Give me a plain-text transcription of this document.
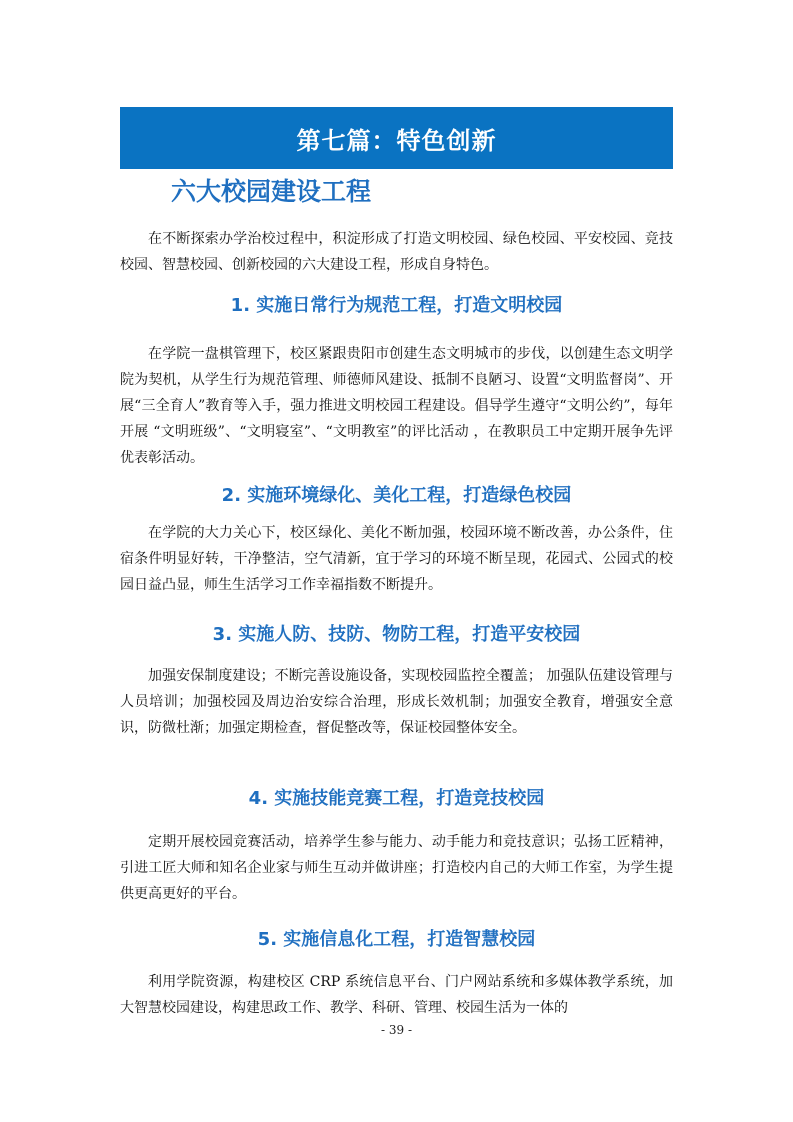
第七篇：特色创新
六大校园建设工程

在不断探索办学治校过程中，积淀形成了打造文明校园、绿色校园、平安校园、竞技校园、智慧校园、创新校园的六大建设工程，形成自身特色。

1. 实施日常行为规范工程，打造文明校园

在学院一盘棋管理下，校区紧跟贵阳市创建生态文明城市的步伐，以创建生态文明学院为契机，从学生行为规范管理、师德师风建设、抵制不良陋习、设置“文明监督岗”、开展“三全育人”教育等入手，强力推进文明校园工程建设。倡导学生遵守“文明公约”，每年开展 “文明班级”、“文明寝室”、“文明教室”的评比活动 ，在教职员工中定期开展争先评优表彰活动。

2. 实施环境绿化、美化工程，打造绿色校园

在学院的大力关心下，校区绿化、美化不断加强，校园环境不断改善，办公条件，住宿条件明显好转，干净整洁，空气清新，宜于学习的环境不断呈现，花园式、公园式的校园日益凸显，师生生活学习工作幸福指数不断提升。

3. 实施人防、技防、物防工程，打造平安校园

加强安保制度建设；不断完善设施设备，实现校园监控全覆盖； 加强队伍建设管理与人员培训；加强校园及周边治安综合治理，形成长效机制；加强安全教育，增强安全意识，防微杜渐；加强定期检查，督促整改等，保证校园整体安全。

4. 实施技能竞赛工程，打造竞技校园

定期开展校园竞赛活动，培养学生参与能力、动手能力和竞技意识；弘扬工匠精神，引进工匠大师和知名企业家与师生互动并做讲座；打造校内自己的大师工作室，为学生提供更高更好的平台。

5. 实施信息化工程，打造智慧校园

利用学院资源，构建校区 CRP 系统信息平台、门户网站系统和多媒体教学系统，加大智慧校园建设，构建思政工作、教学、科研、管理、校园生活为一体的

- 39 -
